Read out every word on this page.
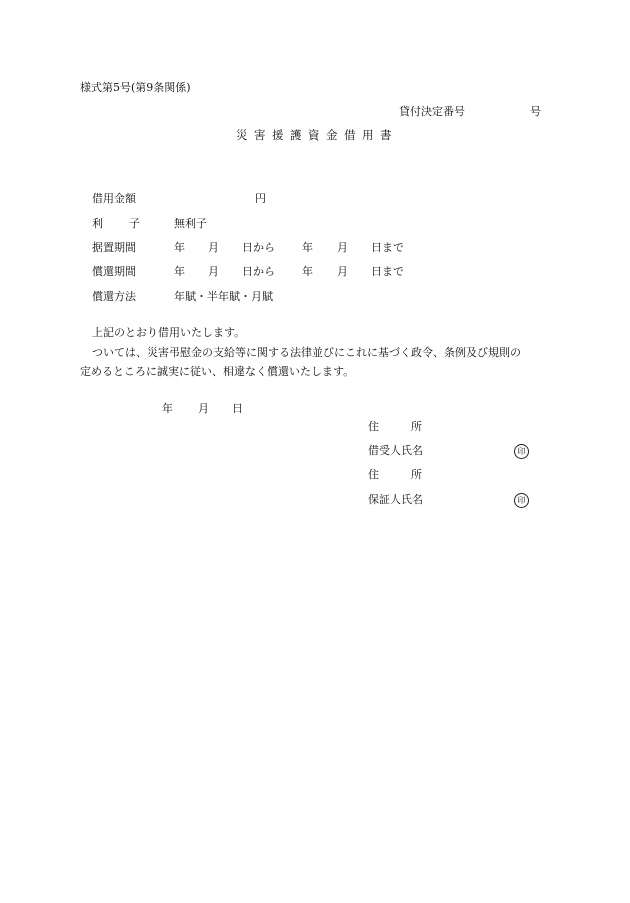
様式第5号(第9条関係)
貸付決定番号	号
災害援護資金借用書
借用金額	円
利 子	無利子
据置期間	年 月 日から 年 月 日まで
償還期間	年 月 日から 年 月 日まで
償還方法	年賦・半年賦・月賦
上記のとおり借用いたします。
ついては、災害弔慰金の支給等に関する法律並びにこれに基づく政令、条例及び規則の
定めるところに誠実に従い、相違なく償還いたします。
年 月 日
住	所
借受人氏名	印
住	所
保証人氏名	印
